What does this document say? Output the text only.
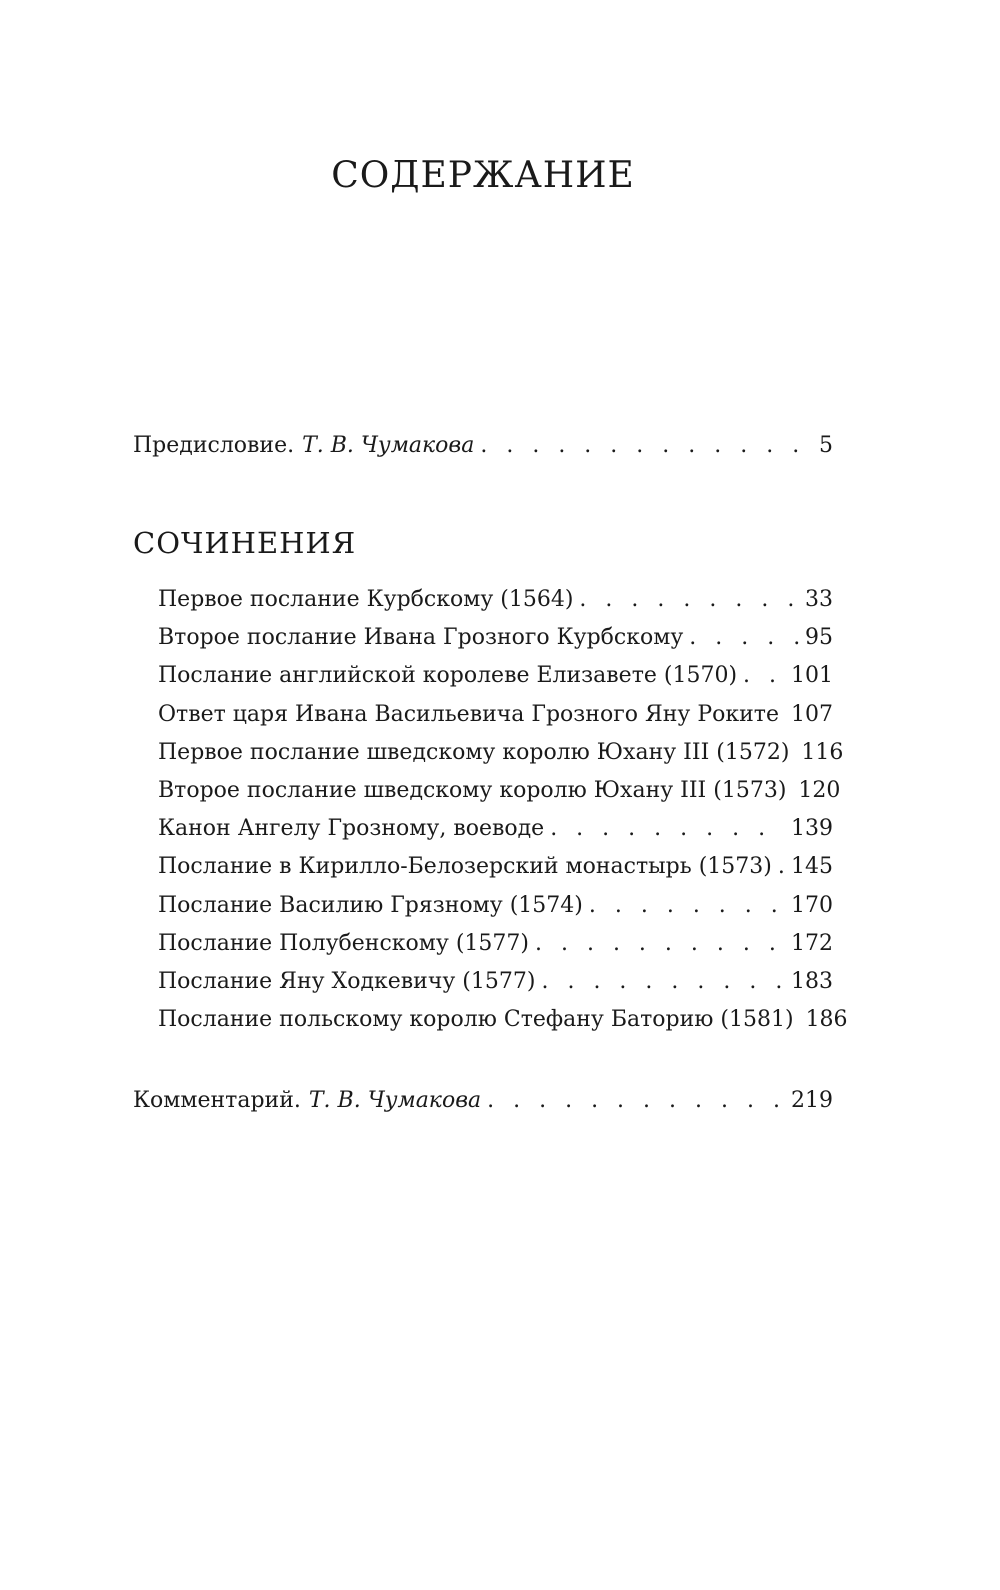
СОДЕРЖАНИЕ
Предисловие. Т. В. Чумакова . . .	5
СОЧИНЕНИЯ
Первое послание Курбскому (1564) . . .	33
Второе послание Ивана Грозного Курбскому . . .	95
Послание английской королеве Елизавете (1570) . . . 101
Ответ царя Ивана Васильевича Грозного Яну Роките . . . 107
Первое послание шведскому королю Юхану III (1572) 116
Второе послание шведскому королю Юхану III (1573) 120
Канон Ангелу Грозному, воеводе . . .	139
Послание в Кирилло-Белозерский монастырь (1573) . . . 145
Послание Василию Грязному (1574) . . .	170
Послание Полубенскому (1577) . . .	172
Послание Яну Ходкевичу (1577) . . .	183
Послание польскому королю Стефану Баторию (1581) 186
Комментарий. Т. В. Чумакова . . .	219
